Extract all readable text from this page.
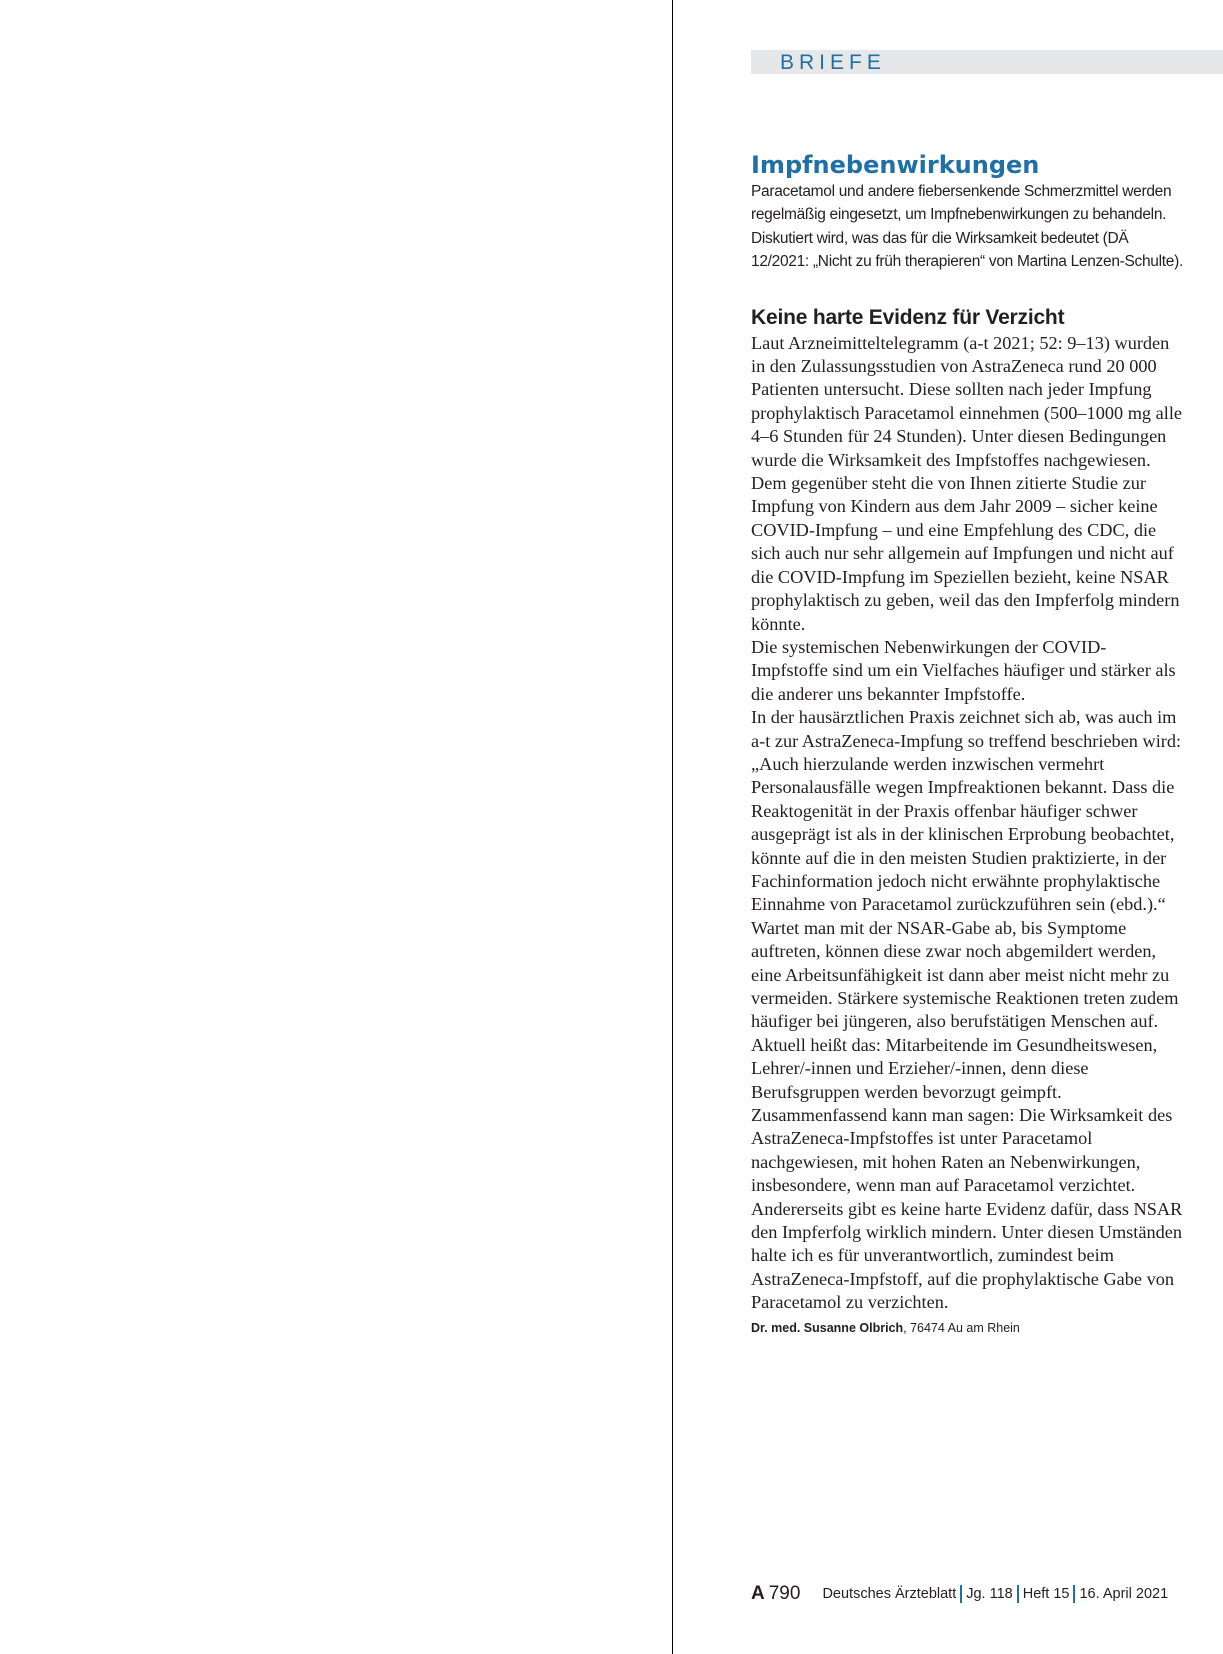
BRIEFE
Impfnebenwirkungen

Paracetamol und andere fiebersenkende Schmerzmittel werden regelmäßig eingesetzt, um Impfnebenwirkungen zu behandeln. Diskutiert wird, was das für die Wirksamkeit bedeutet (DÄ 12/2021: „Nicht zu früh therapieren“ von Martina Lenzen-Schulte).

Keine harte Evidenz für Verzicht
Laut Arzneimitteltelegramm (a-t 2021; 52: 9–13) wurden in den Zulassungsstudien von AstraZeneca rund 20 000 Patienten untersucht. Diese sollten nach jeder Impfung prophylaktisch Paracetamol einnehmen (500–1000 mg alle 4–6 Stunden für 24 Stunden). Unter diesen Bedingungen wurde die Wirksamkeit des Impfstoffes nachgewiesen. Dem gegenüber steht die von Ihnen zitierte Studie zur Impfung von Kindern aus dem Jahr 2009 – sicher keine COVID-Impfung – und eine Empfehlung des CDC, die sich auch nur sehr allgemein auf Impfungen und nicht auf die COVID-Impfung im Speziellen bezieht, keine NSAR prophylaktisch zu geben, weil das den Impferfolg mindern könnte.
Die systemischen Nebenwirkungen der COVID-Impfstoffe sind um ein Vielfaches häufiger und stärker als die anderer uns bekannter Impfstoffe.
In der hausärztlichen Praxis zeichnet sich ab, was auch im a-t zur AstraZeneca-Impfung so treffend beschrieben wird: „Auch hierzulande werden inzwischen vermehrt Personalausfälle wegen Impfreaktionen bekannt. Dass die Reaktogenität in der Praxis offenbar häufiger schwer ausgeprägt ist als in der klinischen Erprobung beobachtet, könnte auf die in den meisten Studien praktizierte, in der Fachinformation jedoch nicht erwähnte prophylaktische Einnahme von Paracetamol zurückzuführen sein (ebd.).“
Wartet man mit der NSAR-Gabe ab, bis Symptome auftreten, können diese zwar noch abgemildert werden, eine Arbeitsunfähigkeit ist dann aber meist nicht mehr zu vermeiden. Stärkere systemische Reaktionen treten zudem häufiger bei jüngeren, also berufstätigen Menschen auf. Aktuell heißt das: Mitarbeitende im Gesundheitswesen, Lehrer/-innen und Erzieher/-innen, denn diese Berufsgruppen werden bevorzugt geimpft.
Zusammenfassend kann man sagen: Die Wirksamkeit des AstraZeneca-Impfstoffes ist unter Paracetamol nachgewiesen, mit hohen Raten an Nebenwirkungen, insbesondere, wenn man auf Paracetamol verzichtet. Andererseits gibt es keine harte Evidenz dafür, dass NSAR den Impferfolg wirklich mindern. Unter diesen Umständen halte ich es für unverantwortlich, zumindest beim AstraZeneca-Impfstoff, auf die prophylaktische Gabe von Paracetamol zu verzichten.
Dr. med. Susanne Olbrich, 76474 Au am Rhein
A 790 Deutsches Ärzteblatt Jg. 118 Heft 15 16. April 2021
